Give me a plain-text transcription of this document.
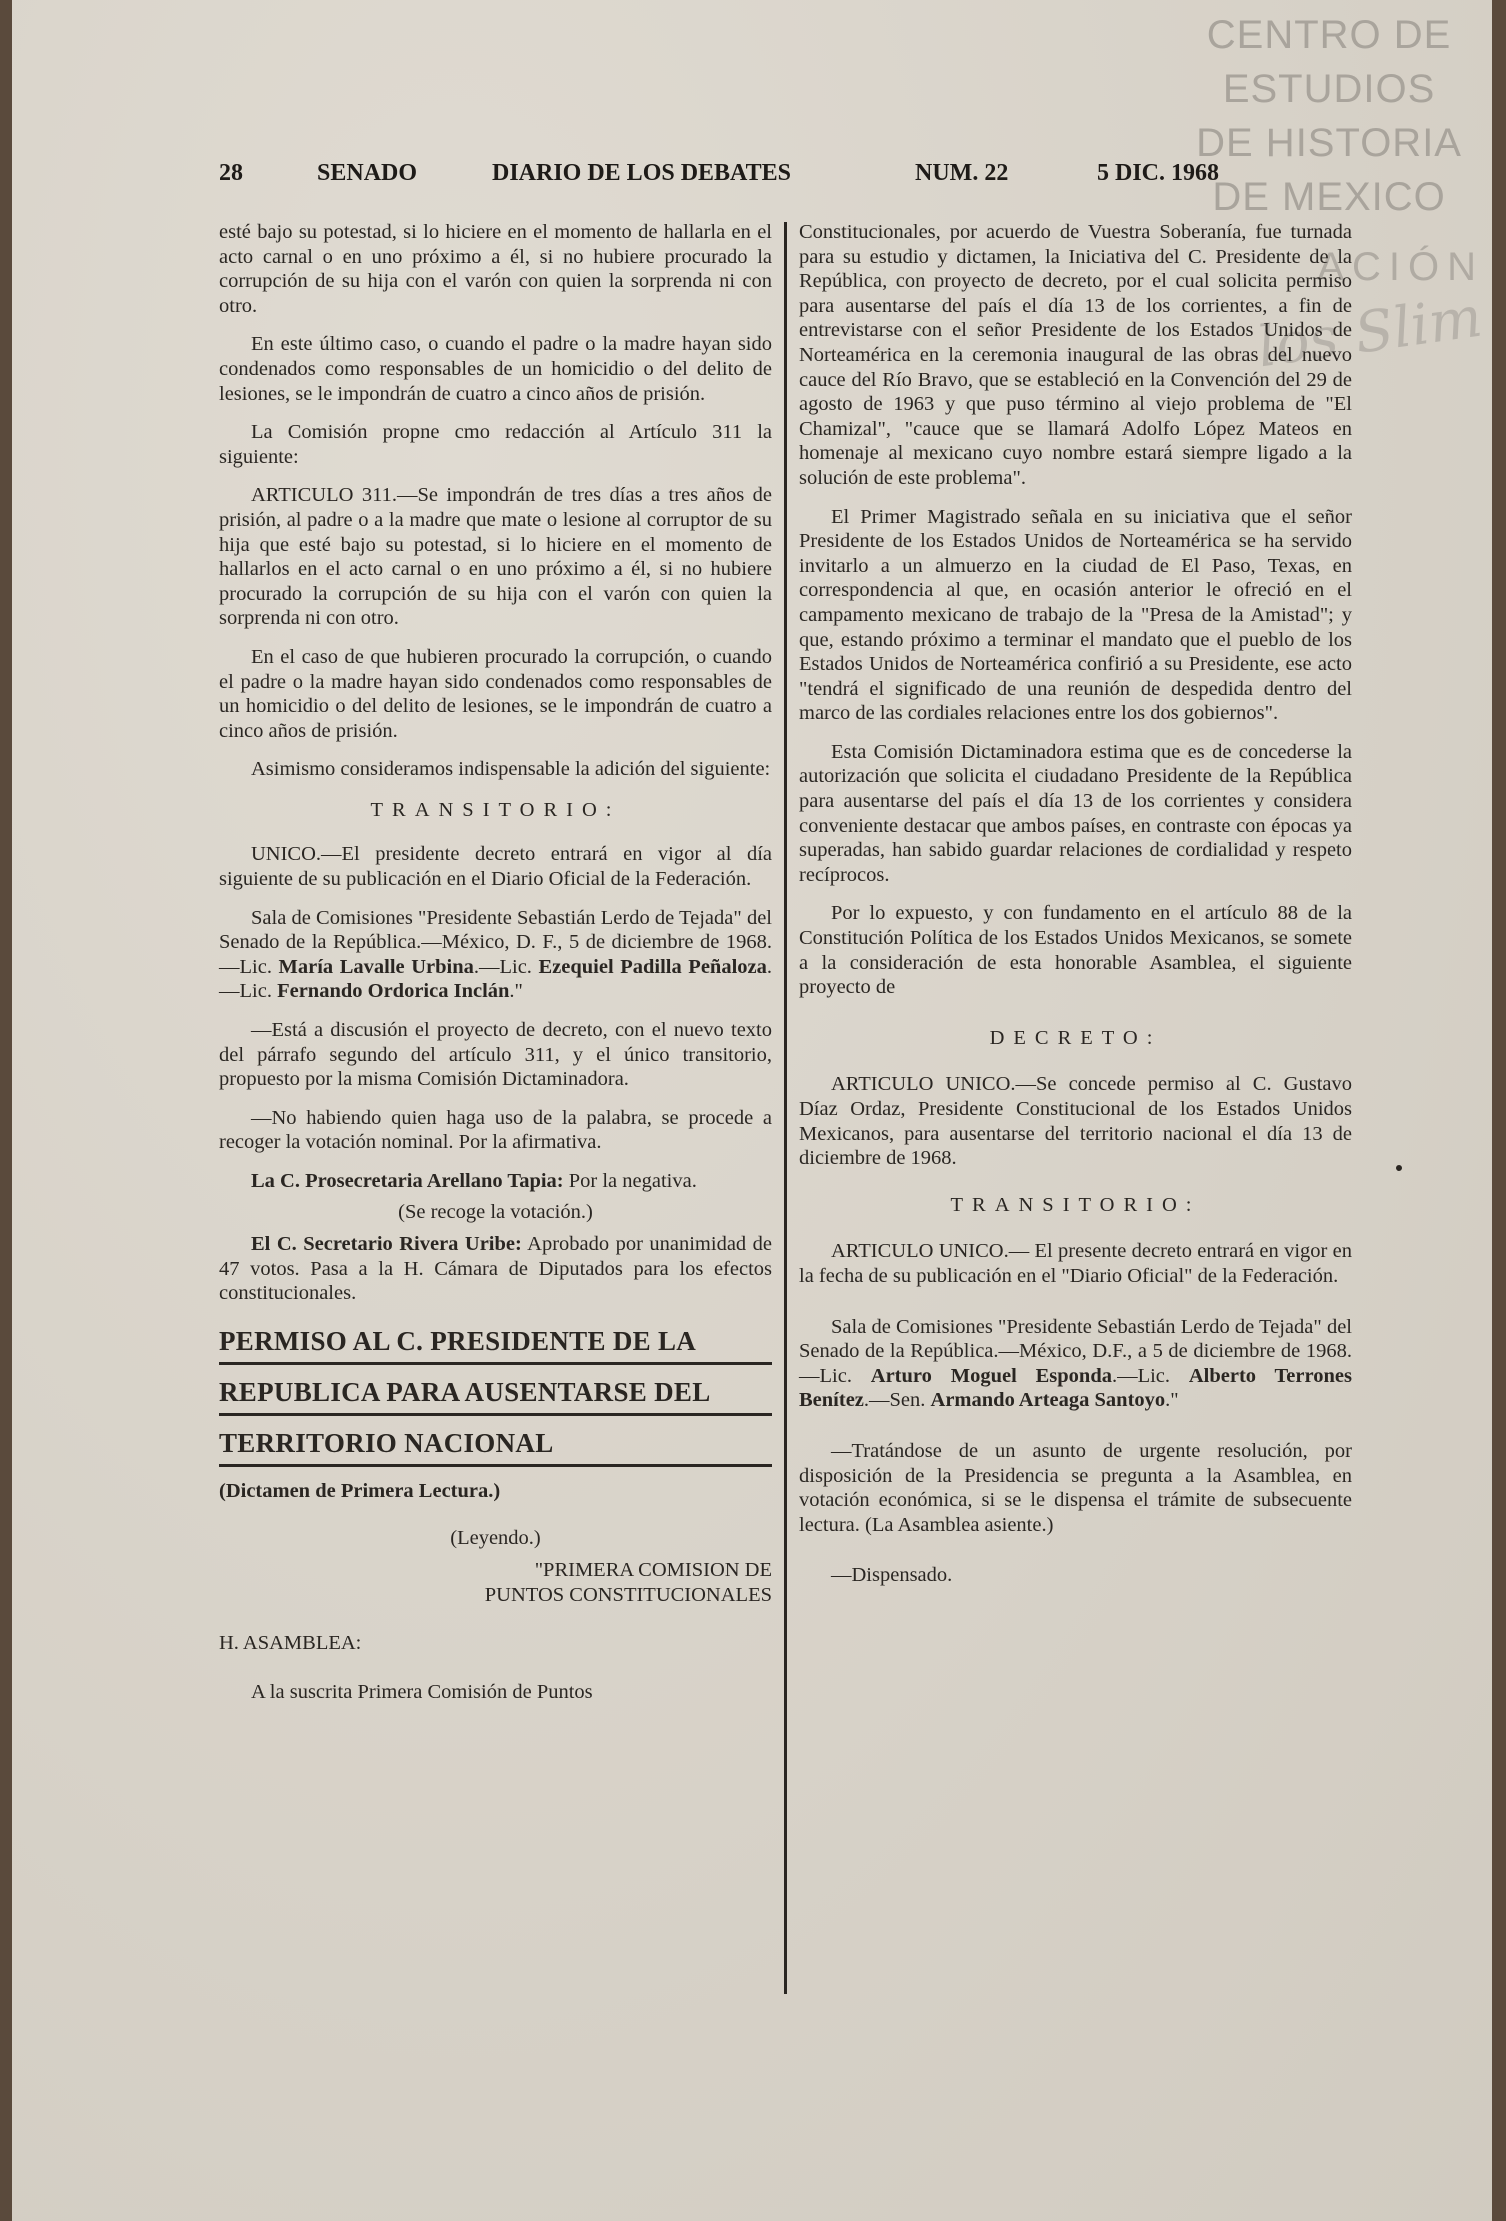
CENTRO DE
ESTUDIOS
DE HISTORIA
DE MEXICO
ACIÓN
los Slim
28	SENADO	DIARIO DE LOS DEBATES	NUM. 22	5 DIC. 1968

esté bajo su potestad, si lo hiciere en el momento de hallarla en el acto carnal o en uno próximo a él, si no hubiere procurado la corrupción de su hija con el varón con quien la sorprenda ni con otro.

En este último caso, o cuando el padre o la madre hayan sido condenados como responsables de un homicidio o del delito de lesiones, se le impondrán de cuatro a cinco años de prisión.

La Comisión propne cmo redacción al Artículo 311 la siguiente:

ARTICULO 311.—Se impondrán de tres días a tres años de prisión, al padre o a la madre que mate o lesione al corruptor de su hija que esté bajo su potestad, si lo hiciere en el momento de hallarlos en el acto carnal o en uno próximo a él, si no hubiere procurado la corrupción de su hija con el varón con quien la sorprenda ni con otro.

En el caso de que hubieren procurado la corrupción, o cuando el padre o la madre hayan sido condenados como responsables de un homicidio o del delito de lesiones, se le impondrán de cuatro a cinco años de prisión.

Asimismo consideramos indispensable la adición del siguiente:

TRANSITORIO:

UNICO.—El presidente decreto entrará en vigor al día siguiente de su publicación en el Diario Oficial de la Federación.

Sala de Comisiones "Presidente Sebastián Lerdo de Tejada" del Senado de la República.—México, D. F., 5 de diciembre de 1968.—Lic. María Lavalle Urbina.—Lic. Ezequiel Padilla Peñaloza.—Lic. Fernando Ordorica Inclán."

—Está a discusión el proyecto de decreto, con el nuevo texto del párrafo segundo del artículo 311, y el único transitorio, propuesto por la misma Comisión Dictaminadora.

—No habiendo quien haga uso de la palabra, se procede a recoger la votación nominal. Por la afirmativa.

La C. Prosecretaria Arellano Tapia: Por la negativa.

(Se recoge la votación.)

El C. Secretario Rivera Uribe: Aprobado por unanimidad de 47 votos. Pasa a la H. Cámara de Diputados para los efectos constitucionales.

PERMISO AL C. PRESIDENTE DE LA
REPUBLICA PARA AUSENTARSE DEL
TERRITORIO NACIONAL

(Dictamen de Primera Lectura.)

(Leyendo.)

"PRIMERA COMISION DE

PUNTOS CONSTITUCIONALES

H. ASAMBLEA:

A la suscrita Primera Comisión de Puntos

Constitucionales, por acuerdo de Vuestra Soberanía, fue turnada para su estudio y dictamen, la Iniciativa del C. Presidente de la República, con proyecto de decreto, por el cual solicita permiso para ausentarse del país el día 13 de los corrientes, a fin de entrevistarse con el señor Presidente de los Estados Unidos de Norteamérica en la ceremonia inaugural de las obras del nuevo cauce del Río Bravo, que se estableció en la Convención del 29 de agosto de 1963 y que puso término al viejo problema de "El Chamizal", "cauce que se llamará Adolfo López Mateos en homenaje al mexicano cuyo nombre estará siempre ligado a la solución de este problema".

El Primer Magistrado señala en su iniciativa que el señor Presidente de los Estados Unidos de Norteamérica se ha servido invitarlo a un almuerzo en la ciudad de El Paso, Texas, en correspondencia al que, en ocasión anterior le ofreció en el campamento mexicano de trabajo de la "Presa de la Amistad"; y que, estando próximo a terminar el mandato que el pueblo de los Estados Unidos de Norteamérica confirió a su Presidente, ese acto "tendrá el significado de una reunión de despedida dentro del marco de las cordiales relaciones entre los dos gobiernos".

Esta Comisión Dictaminadora estima que es de concederse la autorización que solicita el ciudadano Presidente de la República para ausentarse del país el día 13 de los corrientes y considera conveniente destacar que ambos países, en contraste con épocas ya superadas, han sabido guardar relaciones de cordialidad y respeto recíprocos.

Por lo expuesto, y con fundamento en el artículo 88 de la Constitución Política de los Estados Unidos Mexicanos, se somete a la consideración de esta honorable Asamblea, el siguiente proyecto de

DECRETO:

ARTICULO UNICO.—Se concede permiso al C. Gustavo Díaz Ordaz, Presidente Constitucional de los Estados Unidos Mexicanos, para ausentarse del territorio nacional el día 13 de diciembre de 1968.

TRANSITORIO:

ARTICULO UNICO.— El presente decreto entrará en vigor en la fecha de su publicación en el "Diario Oficial" de la Federación.

Sala de Comisiones "Presidente Sebastián Lerdo de Tejada" del Senado de la República.—México, D.F., a 5 de diciembre de 1968.—Lic. Arturo Moguel Esponda.—Lic. Alberto Terrones Benítez.—Sen. Armando Arteaga Santoyo."

—Tratándose de un asunto de urgente resolución, por disposición de la Presidencia se pregunta a la Asamblea, en votación económica, si se le dispensa el trámite de subsecuente lectura. (La Asamblea asiente.)

—Dispensado.
